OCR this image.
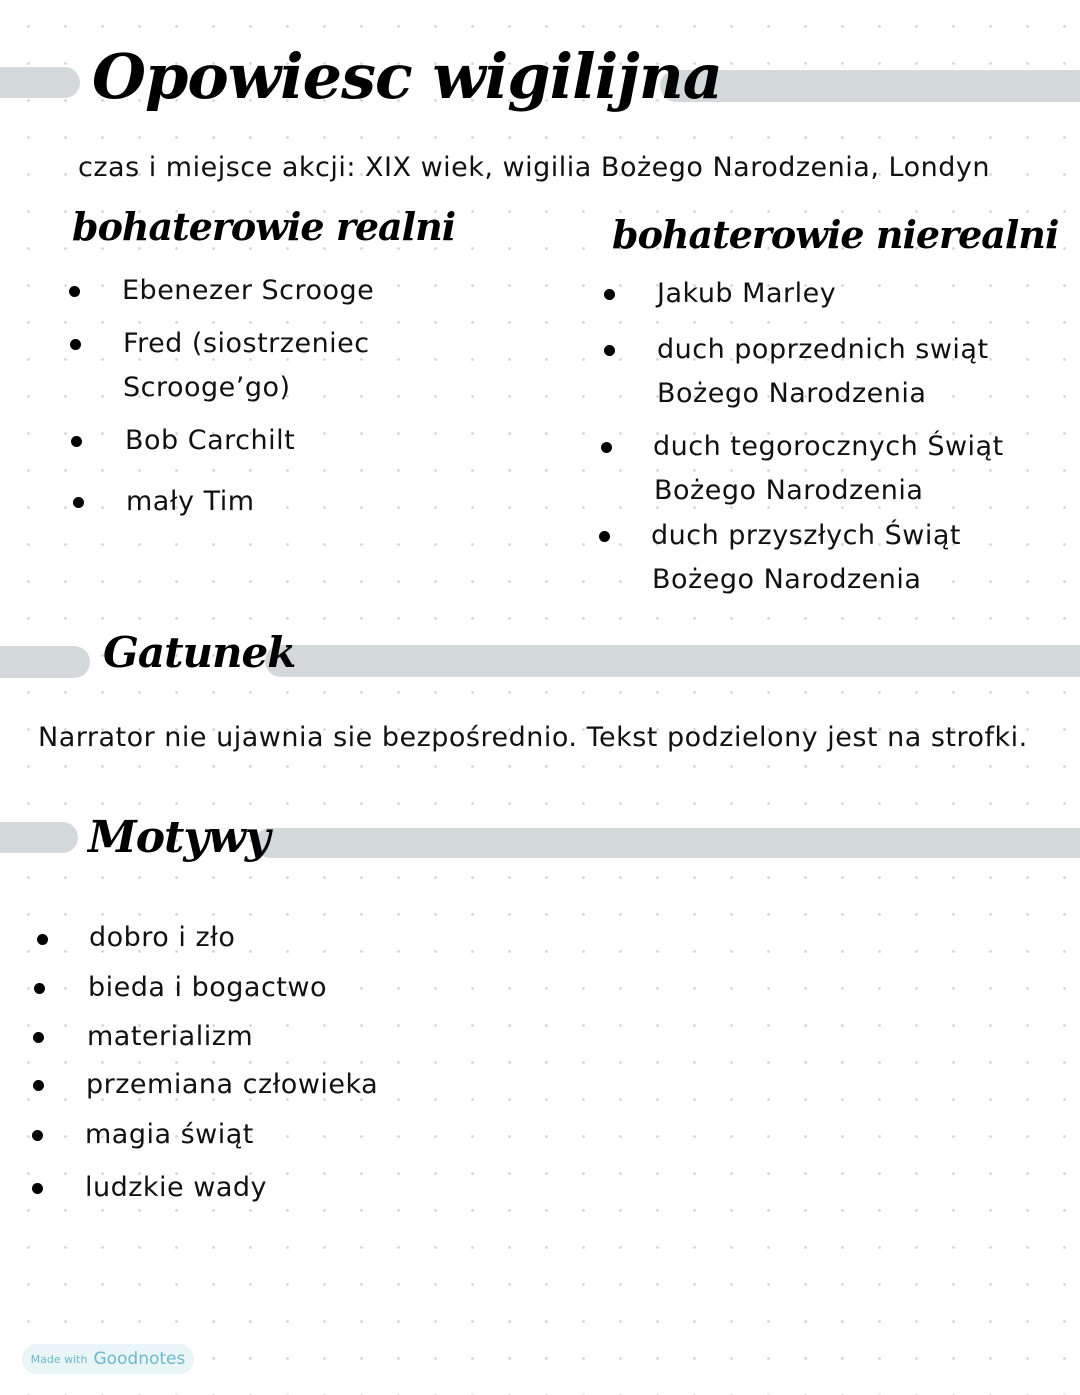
Opowiesc wigilijna
czas i miejsce akcji: XIX wiek, wigilia Bożego Narodzenia, Londyn
bohaterowie realni	bohaterowie nierealni
Ebenezer Scrooge
Fred (siostrzeniec
Scrooge’go)
Bob Carchilt
mały Tim
Jakub Marley
duch poprzednich swiąt
Bożego Narodzenia
duch tegorocznych Świąt
Bożego Narodzenia
duch przyszłych Świąt
Bożego Narodzenia
Gatunek
Narrator nie ujawnia sie bezpośrednio. Tekst podzielony jest na strofki.
Motywy
dobro i zło
bieda i bogactwo
materializm
przemiana człowieka
magia świąt
ludzkie wady
Made with Goodnotes
